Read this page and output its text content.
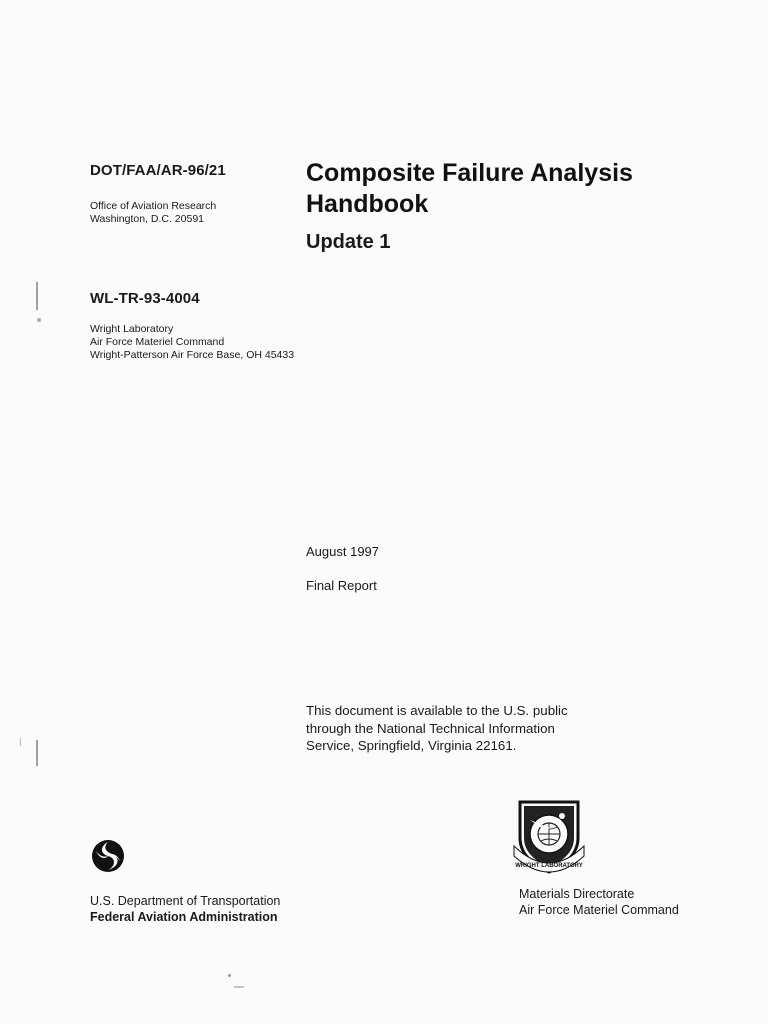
DOT/FAA/AR-96/21
Office of Aviation Research
Washington, D.C. 20591
WL-TR-93-4004
Wright Laboratory
Air Force Materiel Command
Wright-Patterson Air Force Base, OH 45433
Composite Failure Analysis
Handbook
Update 1
August 1997
Final Report
This document is available to the U.S. public
through the National Technical Information
Service, Springfield, Virginia 22161.
U.S. Department of Transportation
Federal Aviation Administration
WRIGHT LABORATORY
Materials Directorate
Air Force Materiel Command
